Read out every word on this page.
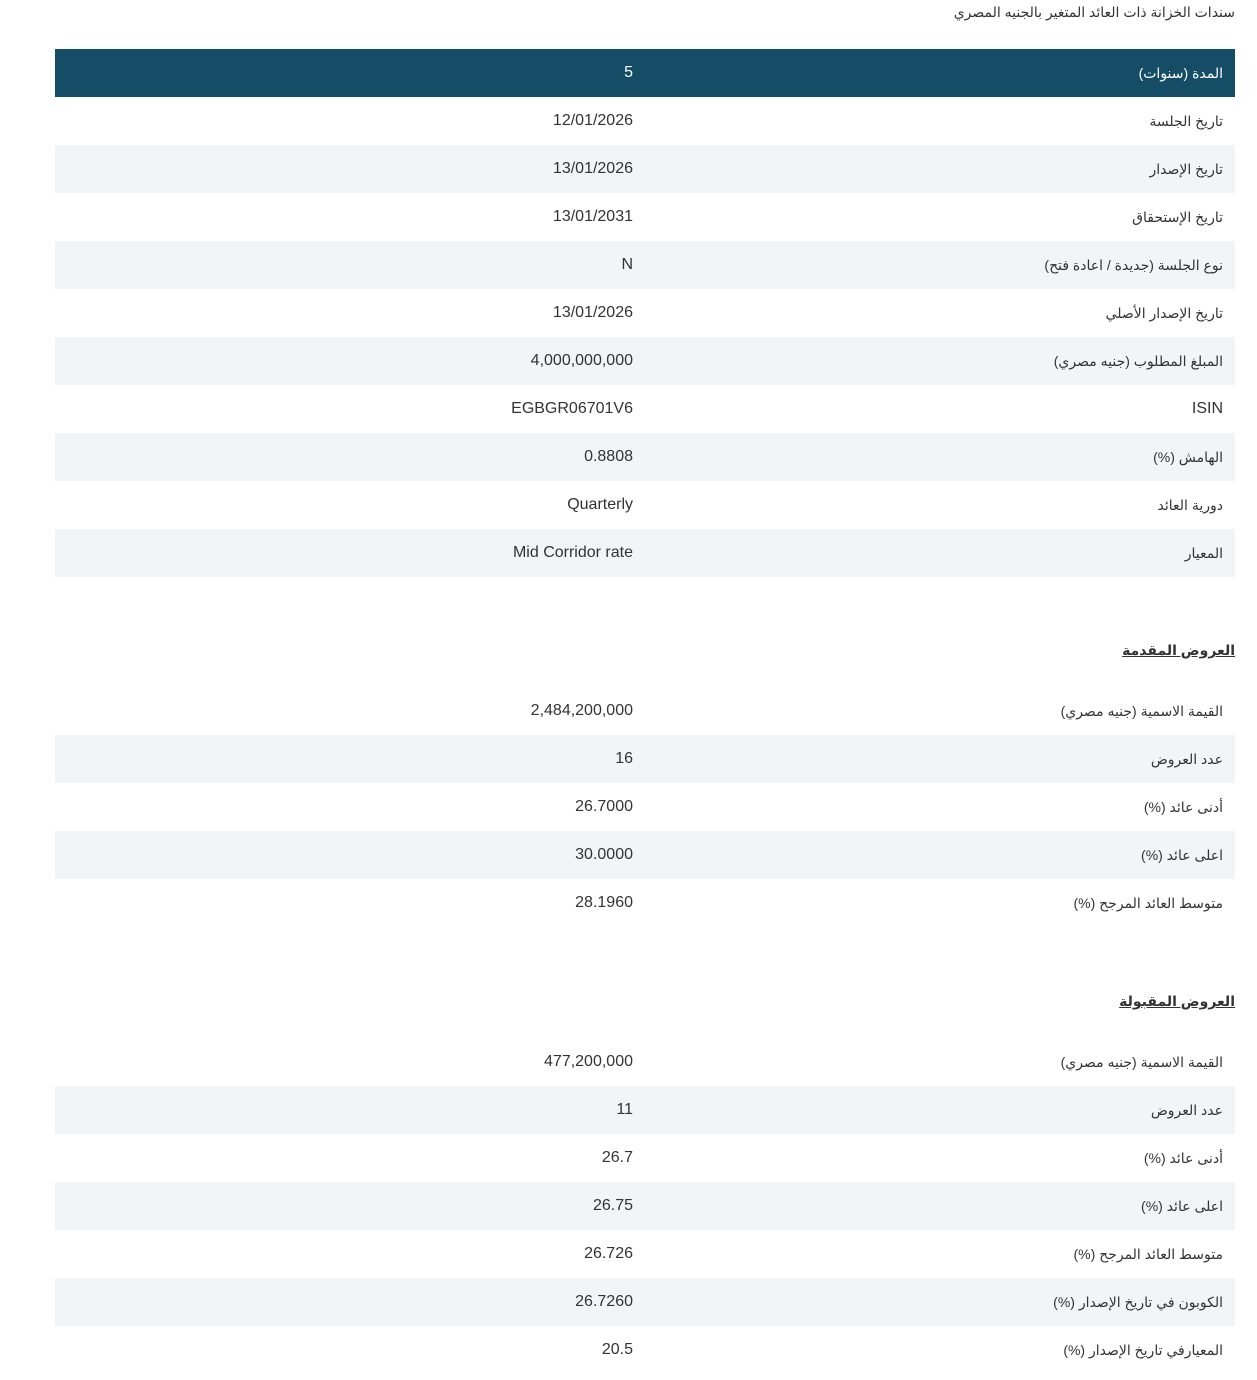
سندات الخزانة ذات العائد المتغير بالجنيه المصري
5	المدة (سنوات)
12/01/2026	تاريخ الجلسة
13/01/2026	تاريخ الإصدار
13/01/2031	تاريخ الإستحقاق
N	نوع الجلسة (جديدة / اعادة فتح)
13/01/2026	تاريخ الإصدار الأصلي
4,000,000,000	المبلغ المطلوب (جنيه مصري)
EGBGR06701V6	ISIN
0.8808	الهامش (%)
Quarterly	دورية العائد
Mid Corridor rate	المعيار
العروض المقدمة
2,484,200,000	القيمة الاسمية (جنيه مصري)
16	عدد العروض
26.7000	أدنى عائد (%)
30.0000	اعلى عائد (%)
28.1960	متوسط العائد المرجح (%)
العروض المقبولة
477,200,000	القيمة الاسمية (جنيه مصري)
11	عدد العروض
26.7	أدنى عائد (%)
26.75	اعلى عائد (%)
26.726	متوسط العائد المرجح (%)
26.7260	الكوبون في تاريخ الإصدار (%)
20.5	المعيارفي تاريخ الإصدار (%)
